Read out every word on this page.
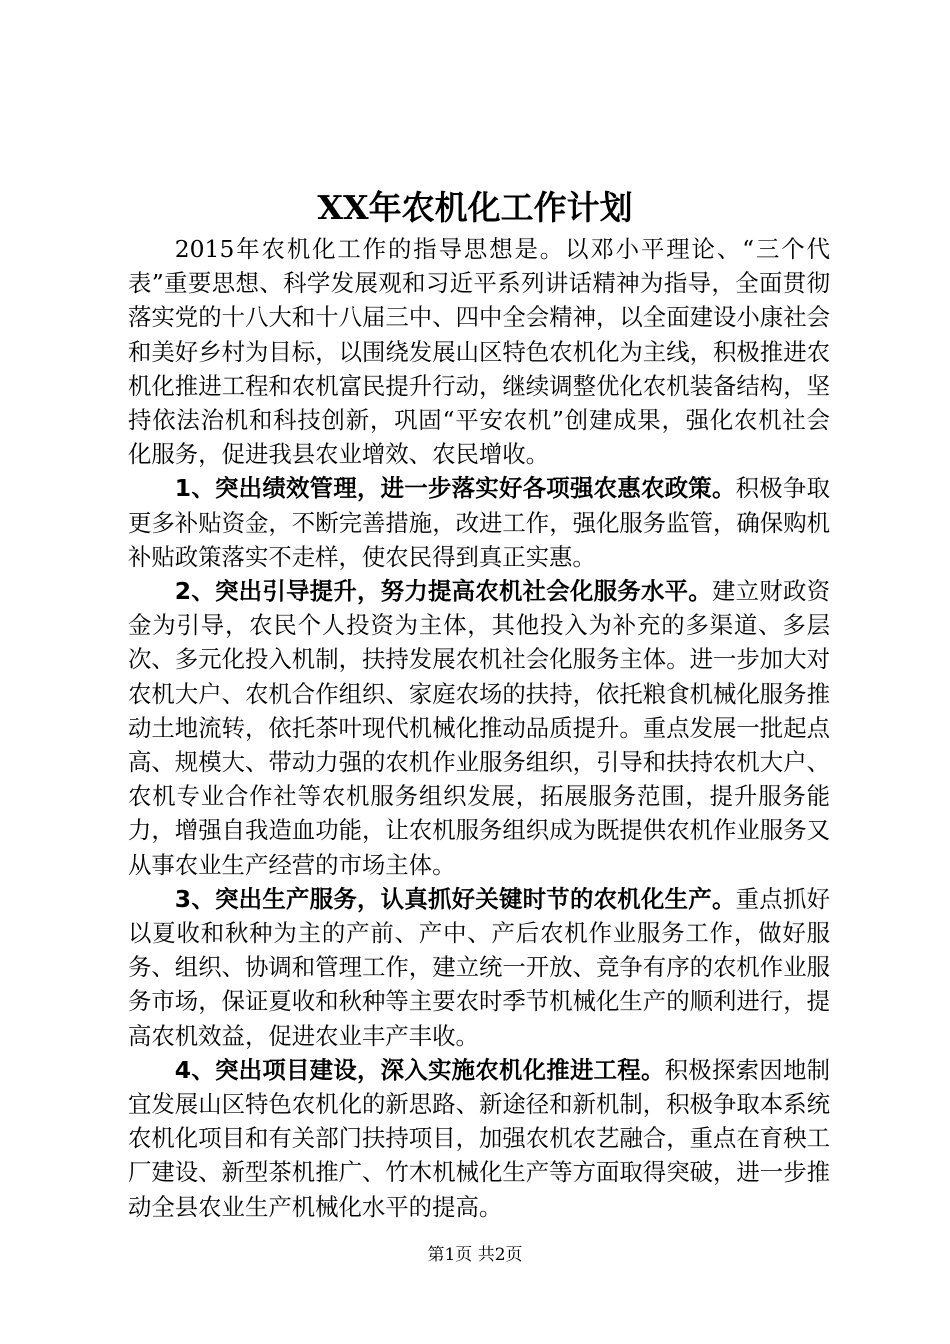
XX年农机化工作计划

2015年农机化工作的指导思想是。以邓小平理论、“三个代表”重要思想、科学发展观和习近平系列讲话精神为指导，全面贯彻落实党的十八大和十八届三中、四中全会精神，以全面建设小康社会和美好乡村为目标，以围绕发展山区特色农机化为主线，积极推进农机化推进工程和农机富民提升行动，继续调整优化农机装备结构，坚持依法治机和科技创新，巩固“平安农机”创建成果，强化农机社会化服务，促进我县农业增效、农民增收。

1、突出绩效管理，进一步落实好各项强农惠农政策。积极争取更多补贴资金，不断完善措施，改进工作，强化服务监管，确保购机补贴政策落实不走样，使农民得到真正实惠。

2、突出引导提升，努力提高农机社会化服务水平。建立财政资金为引导，农民个人投资为主体，其他投入为补充的多渠道、多层次、多元化投入机制，扶持发展农机社会化服务主体。进一步加大对农机大户、农机合作组织、家庭农场的扶持，依托粮食机械化服务推动土地流转，依托茶叶现代机械化推动品质提升。重点发展一批起点高、规模大、带动力强的农机作业服务组织，引导和扶持农机大户、农机专业合作社等农机服务组织发展，拓展服务范围，提升服务能力，增强自我造血功能，让农机服务组织成为既提供农机作业服务又从事农业生产经营的市场主体。

3、突出生产服务，认真抓好关键时节的农机化生产。重点抓好以夏收和秋种为主的产前、产中、产后农机作业服务工作，做好服务、组织、协调和管理工作，建立统一开放、竞争有序的农机作业服务市场，保证夏收和秋种等主要农时季节机械化生产的顺利进行，提高农机效益，促进农业丰产丰收。

4、突出项目建设，深入实施农机化推进工程。积极探索因地制宜发展山区特色农机化的新思路、新途径和新机制，积极争取本系统农机化项目和有关部门扶持项目，加强农机农艺融合，重点在育秧工厂建设、新型茶机推广、竹木机械化生产等方面取得突破，进一步推动全县农业生产机械化水平的提高。

第1页 共2页
